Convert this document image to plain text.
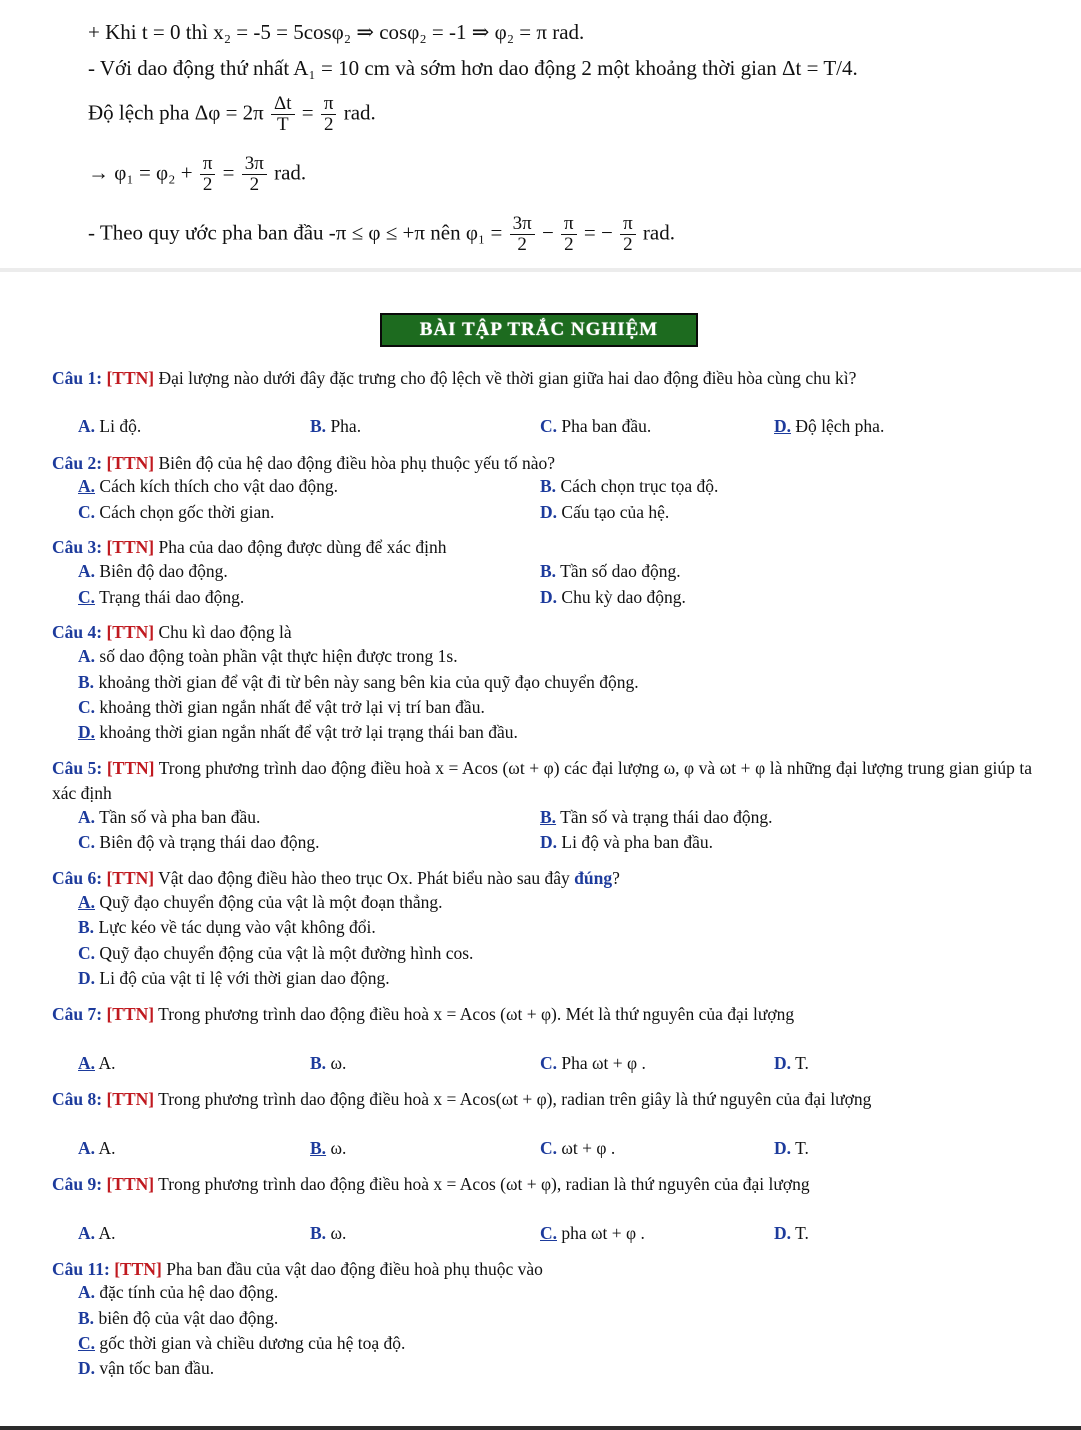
+ Khi t = 0 thì x₂ = -5 = 5cosφ₂ ⇒ cosφ₂ = -1 ⇒ φ₂ = π rad.
- Với dao động thứ nhất A₁ = 10 cm và sớm hơn dao động 2 một khoảng thời gian Δt = T/4.
Độ lệch pha $\Delta\varphi = 2\pi \frac{\Delta t}{T} = \frac{\pi}{2}$ rad.
→ $\varphi_1 = \varphi_2 + \frac{\pi}{2} = \frac{3\pi}{2}$ rad.
- Theo quy ước pha ban đầu -π ≤ φ ≤ +π nên $\varphi_1 = \frac{3\pi}{2} - \frac{\pi}{2}$ = − $\frac{\pi}{2}$ rad.
BÀI TẬP TRẮC NGHIỆM
Câu 1: [TTN] Đại lượng nào dưới đây đặc trưng cho độ lệch về thời gian giữa hai dao động điều hòa cùng chu kì?
A. Li độ.	B. Pha.	C. Pha ban đầu.	D. Độ lệch pha.
Câu 2: [TTN] Biên độ của hệ dao động điều hòa phụ thuộc yếu tố nào?
A. Cách kích thích cho vật dao động.	B. Cách chọn trục tọa độ.
C. Cách chọn gốc thời gian.	D. Cấu tạo của hệ.
Câu 3: [TTN] Pha của dao động được dùng để xác định
A. Biên độ dao động.	B. Tần số dao động.
C. Trạng thái dao động.	D. Chu kỳ dao động.
Câu 4: [TTN] Chu kì dao động là
A. số dao động toàn phần vật thực hiện được trong 1s.
B. khoảng thời gian để vật đi từ bên này sang bên kia của quỹ đạo chuyển động.
C. khoảng thời gian ngắn nhất để vật trở lại vị trí ban đầu.
D. khoảng thời gian ngắn nhất để vật trở lại trạng thái ban đầu.
Câu 5: [TTN] Trong phương trình dao động điều hoà x = Acos (ωt + φ) các đại lượng ω, φ và ωt + φ là những đại lượng trung gian giúp ta xác định
A. Tần số và pha ban đầu.	B. Tần số và trạng thái dao động.
C. Biên độ và trạng thái dao động.	D. Li độ và pha ban đầu.
Câu 6: [TTN] Vật dao động điều hào theo trục Ox. Phát biểu nào sau đây đúng?
A. Quỹ đạo chuyển động của vật là một đoạn thẳng.
B. Lực kéo về tác dụng vào vật không đổi.
C. Quỹ đạo chuyển động của vật là một đường hình cos.
D. Li độ của vật tỉ lệ với thời gian dao động.
Câu 7: [TTN] Trong phương trình dao động điều hoà x = Acos (ωt + φ). Mét là thứ nguyên của đại lượng
A. A.	B. ω.	C. Pha ωt + φ .	D. T.
Câu 8: [TTN] Trong phương trình dao động điều hoà x = Acos(ωt + φ), radian trên giây là thứ nguyên của đại lượng
A. A.	B. ω.	C. ωt + φ .	D. T.
Câu 9: [TTN] Trong phương trình dao động điều hoà x = Acos (ωt + φ), radian là thứ nguyên của đại lượng
A. A.	B. ω.	C. pha ωt + φ .	D. T.
Câu 11: [TTN] Pha ban đầu của vật dao động điều hoà phụ thuộc vào
A. đặc tính của hệ dao động.
B. biên độ của vật dao động.
C. gốc thời gian và chiều dương của hệ toạ độ.
D. vận tốc ban đầu.
